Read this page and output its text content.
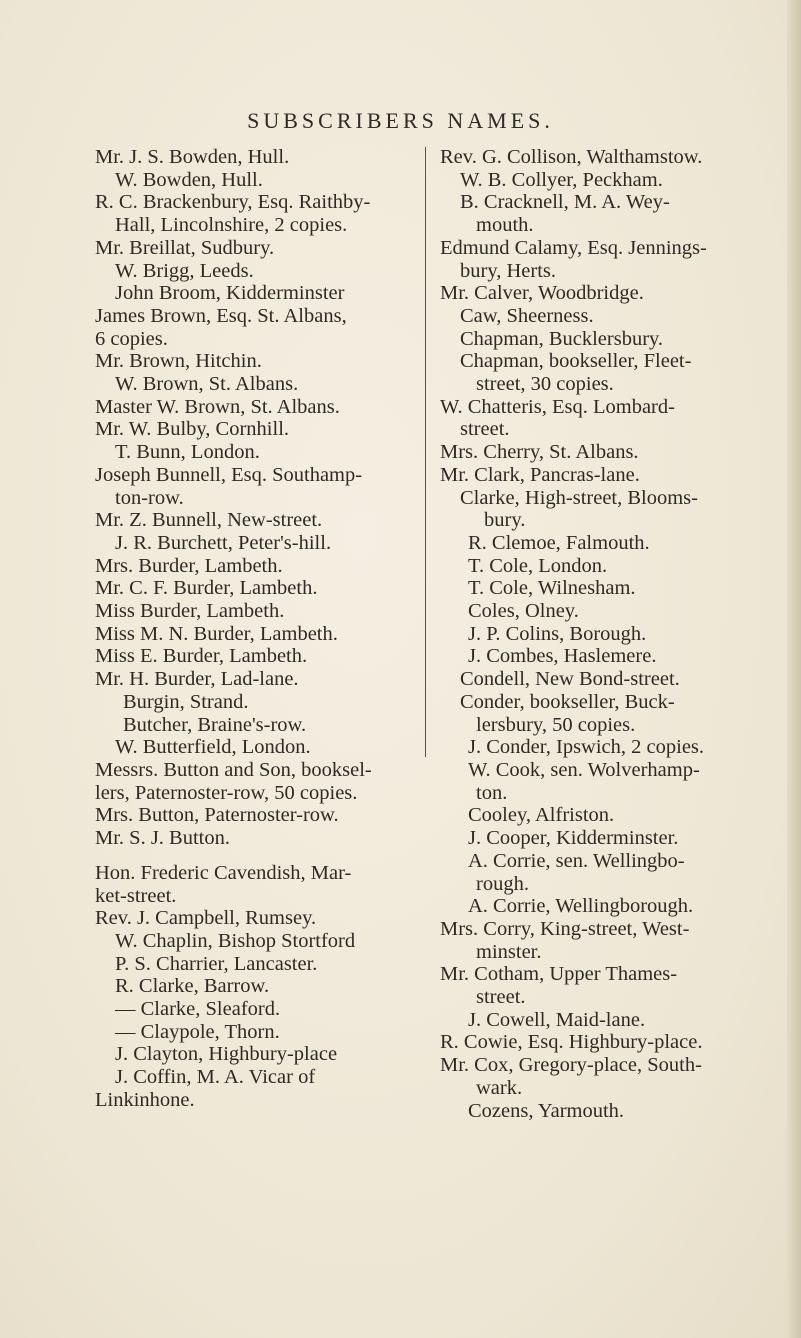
SUBSCRIBERS NAMES.
Mr. J. S. Bowden, Hull.
W. Bowden, Hull.
R. C. Brackenbury, Esq. Raithby-
Hall, Lincolnshire, 2 copies.
Mr. Breillat, Sudbury.
W. Brigg, Leeds.
John Broom, Kidderminster
James Brown, Esq. St. Albans,
6 copies.
Mr. Brown, Hitchin.
W. Brown, St. Albans.
Master W. Brown, St. Albans.
Mr. W. Bulby, Cornhill.
T. Bunn, London.
Joseph Bunnell, Esq. Southamp-
ton-row.
Mr. Z. Bunnell, New-street.
J. R. Burchett, Peter's-hill.
Mrs. Burder, Lambeth.
Mr. C. F. Burder, Lambeth.
Miss Burder, Lambeth.
Miss M. N. Burder, Lambeth.
Miss E. Burder, Lambeth.
Mr. H. Burder, Lad-lane.
Burgin, Strand.
Butcher, Braine's-row.
W. Butterfield, London.
Messrs. Button and Son, booksel-
lers, Paternoster-row, 50 copies.
Mrs. Button, Paternoster-row.
Mr. S. J. Button.
Hon. Frederic Cavendish, Mar-
ket-street.
Rev. J. Campbell, Rumsey.
W. Chaplin, Bishop Stortford
P. S. Charrier, Lancaster.
R. Clarke, Barrow.
— Clarke, Sleaford.
— Claypole, Thorn.
J. Clayton, Highbury-place
J. Coffin, M. A. Vicar of
Linkinhone.
Rev. G. Collison, Walthamstow.
W. B. Collyer, Peckham.
B. Cracknell, M. A. Wey-
mouth.
Edmund Calamy, Esq. Jennings-
bury, Herts.
Mr. Calver, Woodbridge.
Caw, Sheerness.
Chapman, Bucklersbury.
Chapman, bookseller, Fleet-
street, 30 copies.
W. Chatteris, Esq. Lombard-
street.
Mrs. Cherry, St. Albans.
Mr. Clark, Pancras-lane.
Clarke, High-street, Blooms-
bury.
R. Clemoe, Falmouth.
T. Cole, London.
T. Cole, Wilnesham.
Coles, Olney.
J. P. Colins, Borough.
J. Combes, Haslemere.
Condell, New Bond-street.
Conder, bookseller, Buck-
lersbury, 50 copies.
J. Conder, Ipswich, 2 copies.
W. Cook, sen. Wolverhamp-
ton.
Cooley, Alfriston.
J. Cooper, Kidderminster.
A. Corrie, sen. Wellingbo-
rough.
A. Corrie, Wellingborough.
Mrs. Corry, King-street, West-
minster.
Mr. Cotham, Upper Thames-
street.
J. Cowell, Maid-lane.
R. Cowie, Esq. Highbury-place.
Mr. Cox, Gregory-place, South-
wark.
Cozens, Yarmouth.
